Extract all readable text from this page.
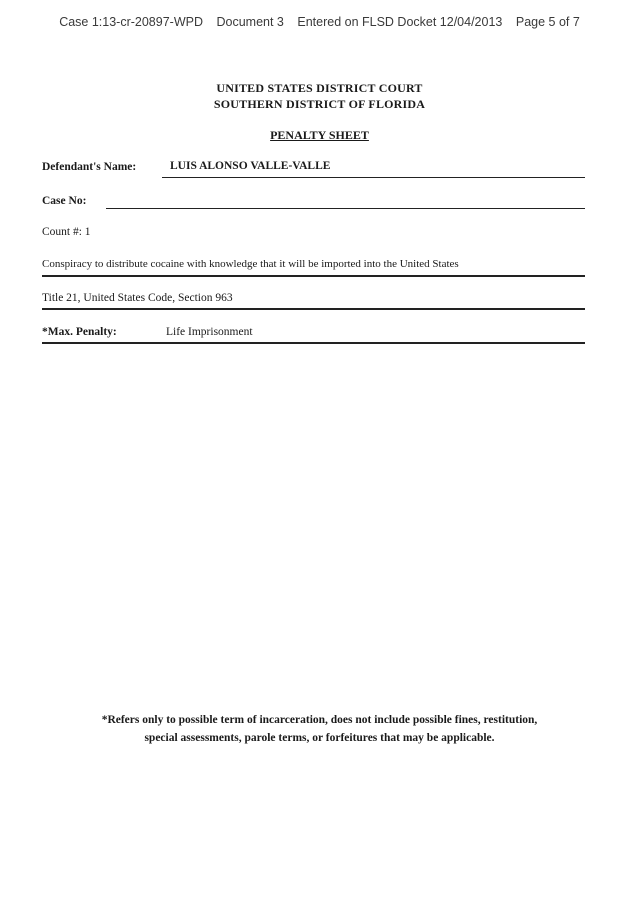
Case 1:13-cr-20897-WPD Document 3 Entered on FLSD Docket 12/04/2013 Page 5 of 7
UNITED STATES DISTRICT COURT
SOUTHERN DISTRICT OF FLORIDA
PENALTY SHEET
Defendant's Name:	LUIS ALONSO VALLE-VALLE
Case No:
Count #: 1
Conspiracy to distribute cocaine with knowledge that it will be imported into the United States
Title 21, United States Code, Section 963
*Max. Penalty:	Life Imprisonment
*Refers only to possible term of incarceration, does not include possible fines, restitution,
special assessments, parole terms, or forfeitures that may be applicable.
